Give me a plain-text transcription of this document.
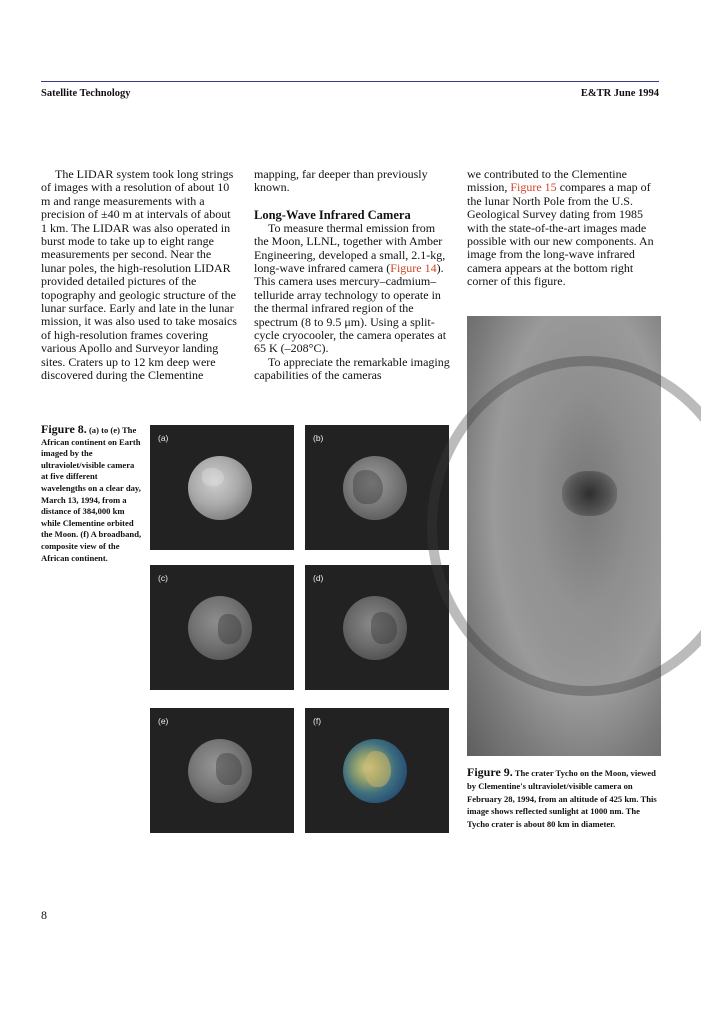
Satellite Technology	E&TR June 1994

The LIDAR system took long strings of images with a resolution of about 10 m and range measurements with a precision of ±40 m at intervals of about 1 km. The LIDAR was also operated in burst mode to take up to eight range measurements per second. Near the lunar poles, the high-resolution LIDAR provided detailed pictures of the topography and geologic structure of the lunar surface. Early and late in the lunar mission, it was also used to take mosaics of high-resolution frames covering various Apollo and Surveyor landing sites. Craters up to 12 km deep were discovered during the Clementine

mapping, far deeper than previously known.

Long-Wave Infrared Camera

To measure thermal emission from the Moon, LLNL, together with Amber Engineering, developed a small, 2.1-kg, long-wave infrared camera (Figure 14). This camera uses mercury–cadmium–telluride array technology to operate in the thermal infrared region of the spectrum (8 to 9.5 μm). Using a split-cycle cryocooler, the camera operates at 65 K (–208°C).

To appreciate the remarkable imaging capabilities of the cameras

we contributed to the Clementine mission, Figure 15 compares a map of the lunar North Pole from the U.S. Geological Survey dating from 1985 with the state-of-the-art images made possible with our new components. An image from the long-wave infrared camera appears at the bottom right corner of this figure.

Figure 8. (a) to (e) The African continent on Earth imaged by the ultraviolet/visible camera at five different wavelengths on a clear day, March 13, 1994, from a distance of 384,000 km while Clementine orbited the Moon. (f) A broadband, composite view of the African continent.
(a)	(b)
(c)	(d)
(e)	(f)
Figure 9. The crater Tycho on the Moon, viewed by Clementine's ultraviolet/visible camera on February 28, 1994, from an altitude of 425 km. This image shows reflected sunlight at 1000 nm. The Tycho crater is about 80 km in diameter.
8
